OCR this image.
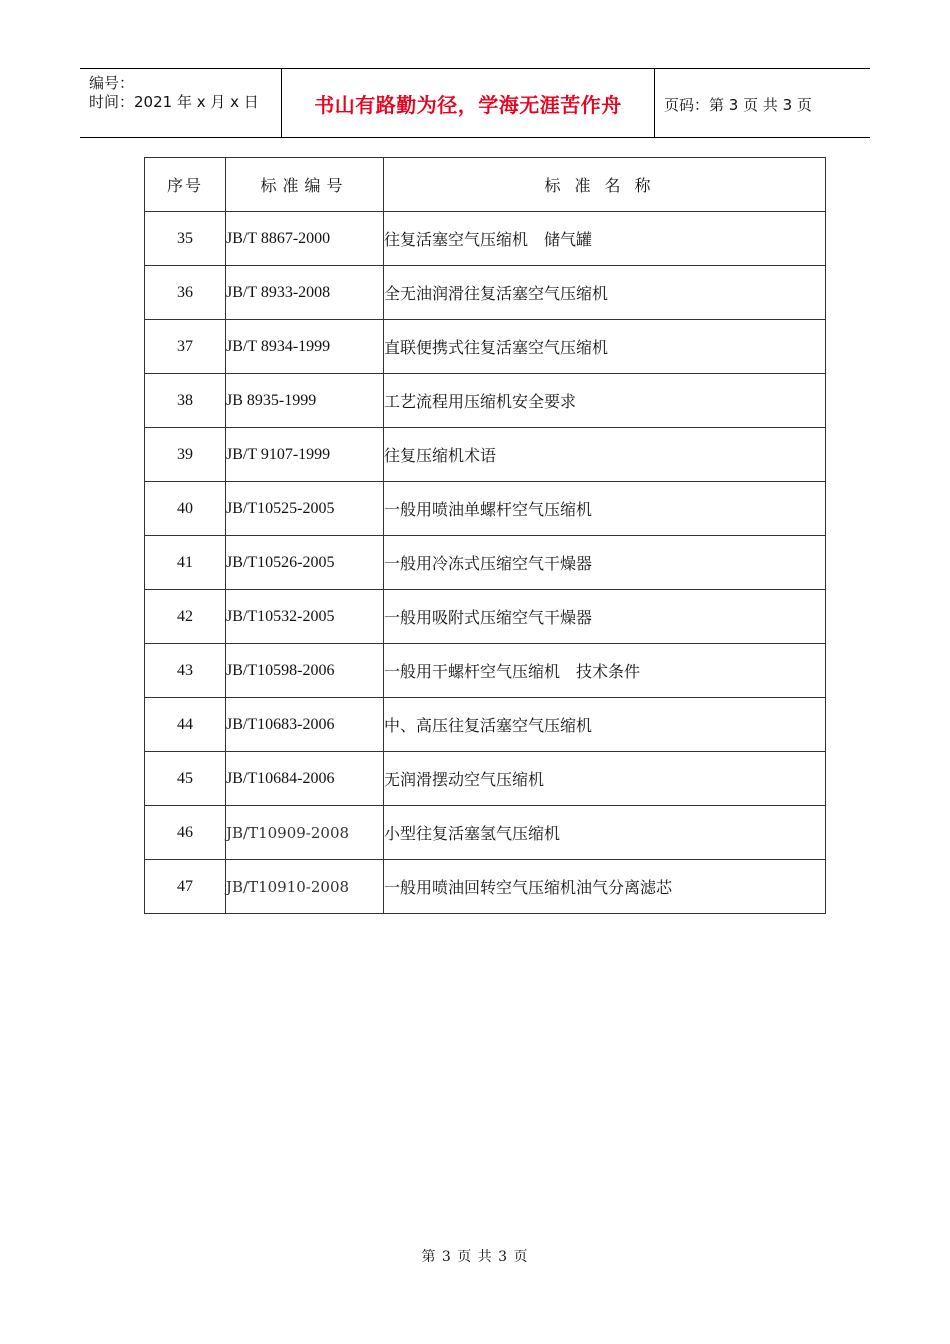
编号：
时间：2021 年 x 月 x 日	书山有路勤为径，学海无涯苦作舟	页码：第 3 页 共 3 页
序号	标准编号	标准名称
35	JB/T 8867-2000	往复活塞空气压缩机　储气罐
36	JB/T 8933-2008	全无油润滑往复活塞空气压缩机
37	JB/T 8934-1999	直联便携式往复活塞空气压缩机
38	JB 8935-1999	工艺流程用压缩机安全要求
39	JB/T 9107-1999	往复压缩机术语
40	JB/T10525-2005	一般用喷油单螺杆空气压缩机
41	JB/T10526-2005	一般用冷冻式压缩空气干燥器
42	JB/T10532-2005	一般用吸附式压缩空气干燥器
43	JB/T10598-2006	一般用干螺杆空气压缩机　技术条件
44	JB/T10683-2006	中、高压往复活塞空气压缩机
45	JB/T10684-2006	无润滑摆动空气压缩机
46	JB/T10909-2008	小型往复活塞氢气压缩机
47	JB/T10910-2008	一般用喷油回转空气压缩机油气分离滤芯
第 3 页 共 3 页
